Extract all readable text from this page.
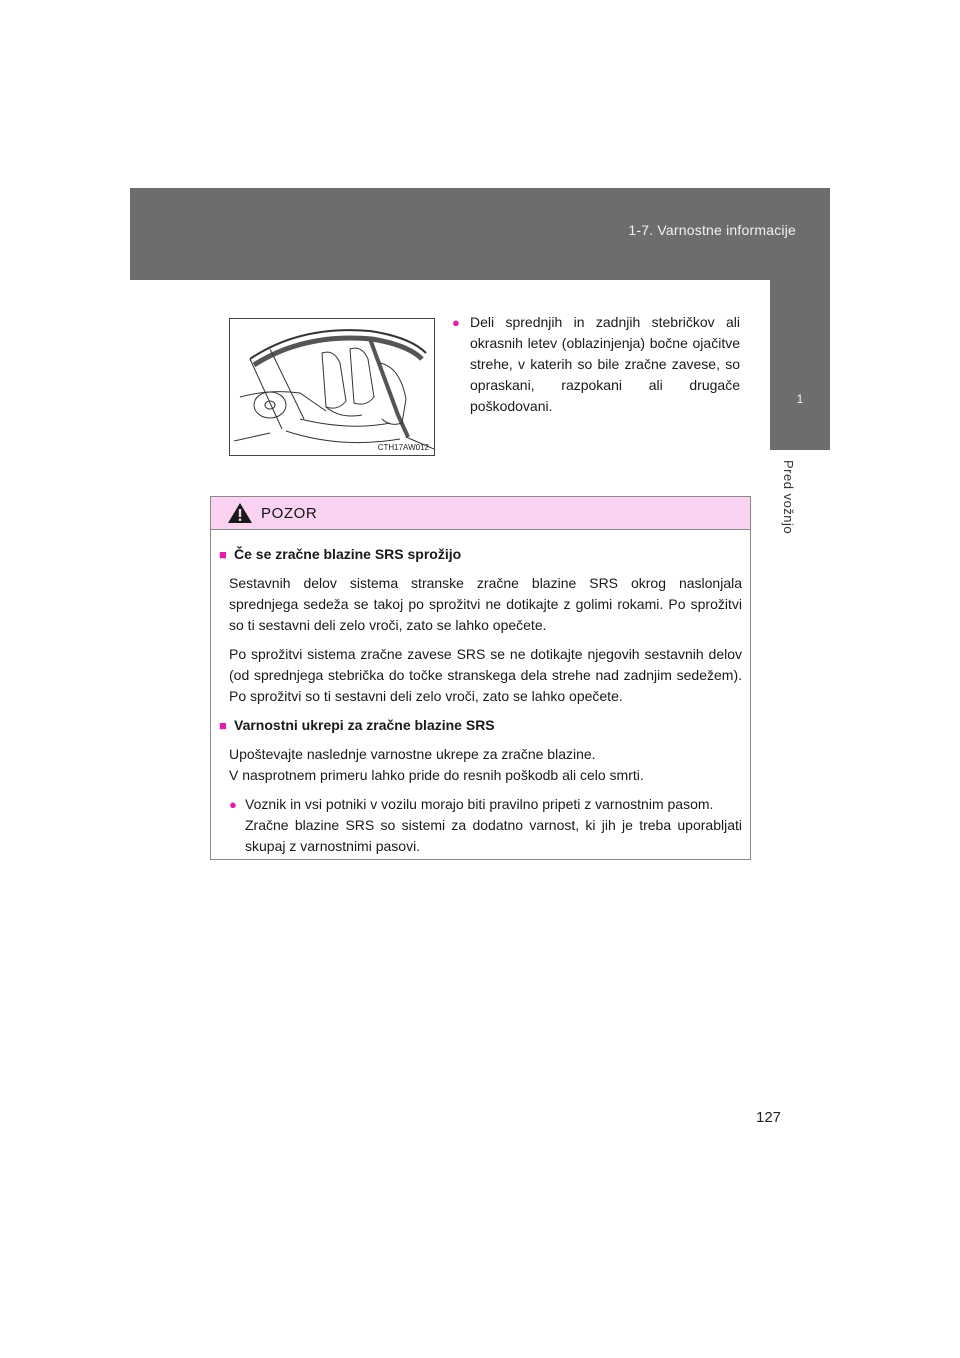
1-7. Varnostne informacije
1
Pred vožnjo
CTH17AW012
● Deli sprednjih in zadnjih stebričkov ali okrasnih letev (oblazinjenja) bočne ojačitve strehe, v katerih so bile zračne zavese, so opraskani, razpokani ali drugače poškodovani.
POZOR
■ Če se zračne blazine SRS sprožijo

Sestavnih delov sistema stranske zračne blazine SRS okrog naslonjala sprednjega sedeža se takoj po sprožitvi ne dotikajte z golimi rokami. Po sprožitvi so ti sestavni deli zelo vroči, zato se lahko opečete.

Po sprožitvi sistema zračne zavese SRS se ne dotikajte njegovih sestavnih delov (od sprednjega stebrička do točke stranskega dela strehe nad zadnjim sedežem). Po sprožitvi so ti sestavni deli zelo vroči, zato se lahko opečete.

■ Varnostni ukrepi za zračne blazine SRS

Upoštevajte naslednje varnostne ukrepe za zračne blazine.
V nasprotnem primeru lahko pride do resnih poškodb ali celo smrti.

● Voznik in vsi potniki v vozilu morajo biti pravilno pripeti z varnostnim pasom.
Zračne blazine SRS so sistemi za dodatno varnost, ki jih je treba uporabljati skupaj z varnostnimi pasovi.
127
